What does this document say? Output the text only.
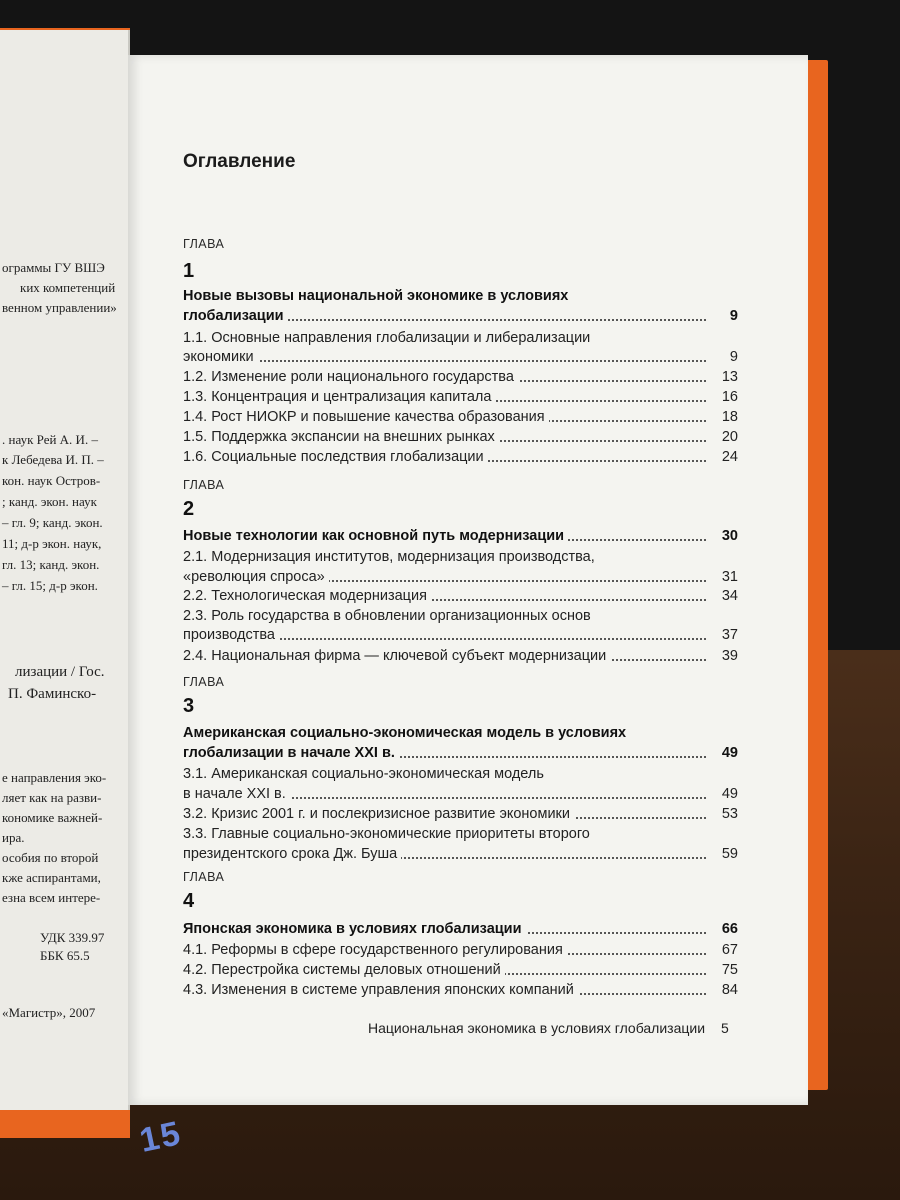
ограммы ГУ ВШЭ
ких компетенций
венном управлении»
. наук Рей А. И. –
к Лебедева И. П. –
кон. наук Остров-
; канд. экон. наук
– гл. 9; канд. экон.
11; д-р экон. наук,
гл. 13; канд. экон.
– гл. 15; д-р экон.
лизации / Гос.
П. Фаминско-
е направления эко-
ляет как на разви-
кономике важней-
ира.
особия по второй
кже аспирантами,
езна всем интере-
УДК 339.97
ББК 65.5
«Магистр», 2007
Оглавление
ГЛАВА
1
Новые вызовы национальной экономике в условиях
глобализации	9
1.1. Основные направления глобализации и либерализации
экономики	9
1.2. Изменение роли национального государства	13
1.3. Концентрация и централизация капитала	16
1.4. Рост НИОКР и повышение качества образования	18
1.5. Поддержка экспансии на внешних рынках	20
1.6. Социальные последствия глобализации	24
ГЛАВА
2
Новые технологии как основной путь модернизации	30
2.1. Модернизация институтов, модернизация производства,
«революция спроса»	31
2.2. Технологическая модернизация	34
2.3. Роль государства в обновлении организационных основ
производства	37
2.4. Национальная фирма — ключевой субъект модернизации	39
ГЛАВА
3
Американская социально-экономическая модель в условиях
глобализации в начале XXI в.	49
3.1. Американская социально-экономическая модель
в начале XXI в.	49
3.2. Кризис 2001 г. и послекризисное развитие экономики	53
3.3. Главные социально-экономические приоритеты второго
президентского срока Дж. Буша	59
ГЛАВА
4
Японская экономика в условиях глобализации	66
4.1. Реформы в сфере государственного регулирования	67
4.2. Перестройка системы деловых отношений	75
4.3. Изменения в системе управления японских компаний	84
Национальная экономика в условиях глобализации 5
15
